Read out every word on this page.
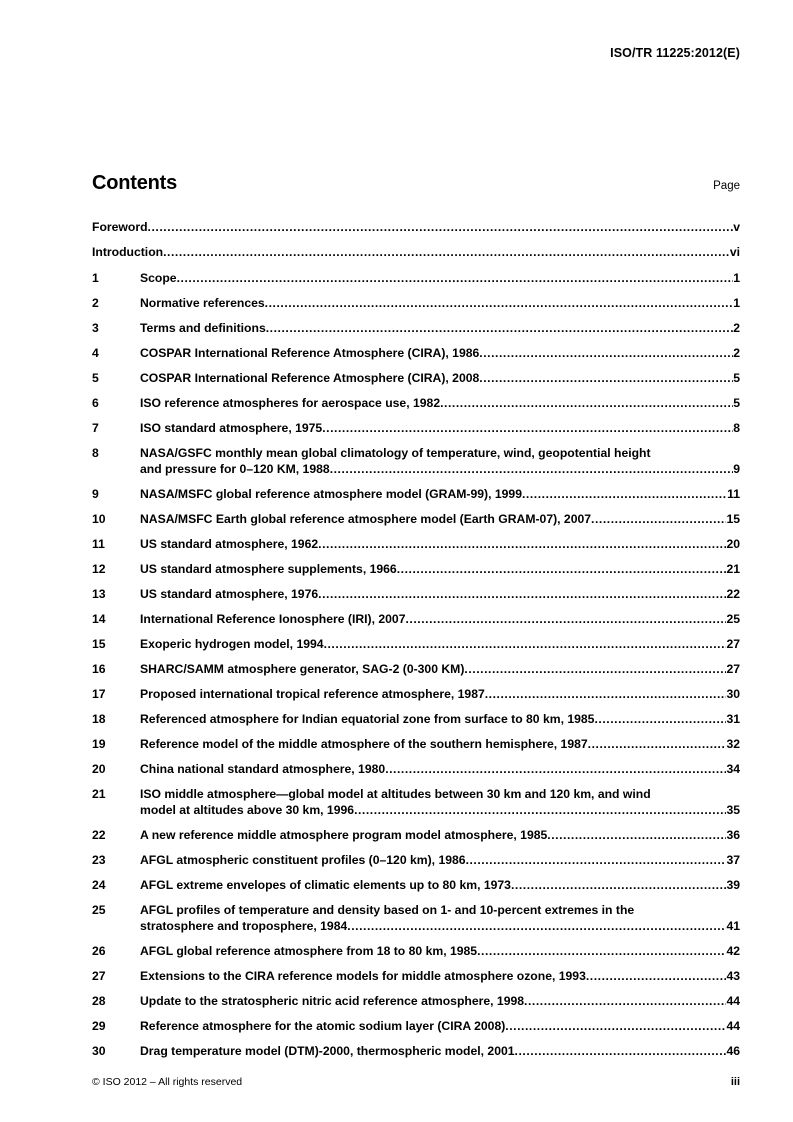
ISO/TR 11225:2012(E)
Contents	Page
Foreword .....	v
Introduction .....	vi
1	Scope .....	1
2	Normative references .....	1
3	Terms and definitions .....	2
4	COSPAR International Reference Atmosphere (CIRA), 1986 .....	2
5	COSPAR International Reference Atmosphere (CIRA), 2008 .....	5
6	ISO reference atmospheres for aerospace use, 1982 .....	5
7	ISO standard atmosphere, 1975 .....	8
8	NASA/GSFC monthly mean global climatology of temperature, wind, geopotential height
and pressure for 0–120 KM, 1988 .....	9
9	NASA/MSFC global reference atmosphere model (GRAM-99), 1999 .....	11
10	NASA/MSFC Earth global reference atmosphere model (Earth GRAM-07), 2007 .....	15
11	US standard atmosphere, 1962 .....	20
12	US standard atmosphere supplements, 1966 .....	21
13	US standard atmosphere, 1976 .....	22
14	International Reference Ionosphere (IRI), 2007 .....	25
15	Exoperic hydrogen model, 1994 .....	27
16	SHARC/SAMM atmosphere generator, SAG-2 (0-300 KM) .....	27
17	Proposed international tropical reference atmosphere, 1987 .....	30
18	Referenced atmosphere for Indian equatorial zone from surface to 80 km, 1985 .....	31
19	Reference model of the middle atmosphere of the southern hemisphere, 1987 .....	32
20	China national standard atmosphere, 1980 .....	34
21	ISO middle atmosphere—global model at altitudes between 30 km and 120 km, and wind
model at altitudes above 30 km, 1996 .....	35
22	A new reference middle atmosphere program model atmosphere, 1985 .....	36
23	AFGL atmospheric constituent profiles (0–120 km), 1986 .....	37
24	AFGL extreme envelopes of climatic elements up to 80 km, 1973 .....	39
25	AFGL profiles of temperature and density based on 1- and 10-percent extremes in the
stratosphere and troposphere, 1984 .....	41
26	AFGL global reference atmosphere from 18 to 80 km, 1985 .....	42
27	Extensions to the CIRA reference models for middle atmosphere ozone, 1993 .....	43
28	Update to the stratospheric nitric acid reference atmosphere, 1998 .....	44
29	Reference atmosphere for the atomic sodium layer (CIRA 2008) .....	44
30	Drag temperature model (DTM)-2000, thermospheric model, 2001 .....	46
© ISO 2012 – All rights reserved	iii
